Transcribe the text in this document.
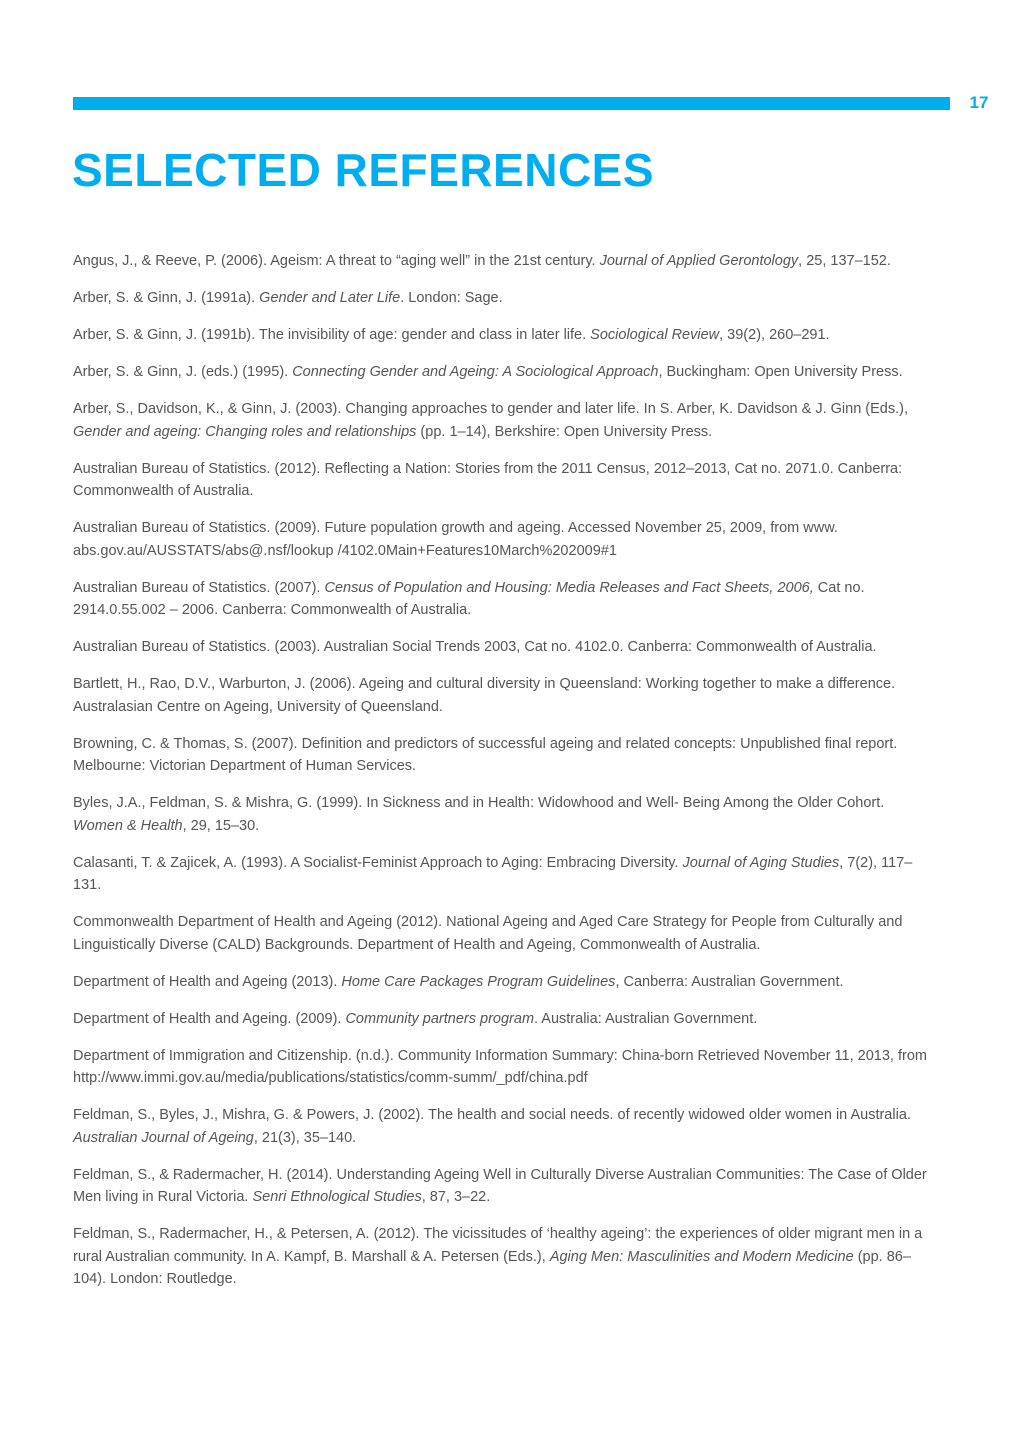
17
SELECTED REFERENCES
Angus, J., & Reeve, P. (2006). Ageism: A threat to “aging well” in the 21st century. Journal of Applied Gerontology, 25, 137–152.
Arber, S. & Ginn, J. (1991a). Gender and Later Life. London: Sage.
Arber, S. & Ginn, J. (1991b). The invisibility of age: gender and class in later life. Sociological Review, 39(2), 260–291.
Arber, S. & Ginn, J. (eds.) (1995). Connecting Gender and Ageing: A Sociological Approach, Buckingham: Open University Press.
Arber, S., Davidson, K., & Ginn, J. (2003). Changing approaches to gender and later life. In S. Arber, K. Davidson & J. Ginn (Eds.), Gender and ageing: Changing roles and relationships (pp. 1–14), Berkshire: Open University Press.
Australian Bureau of Statistics. (2012). Reflecting a Nation: Stories from the 2011 Census, 2012–2013, Cat no. 2071.0. Canberra: Commonwealth of Australia.
Australian Bureau of Statistics. (2009). Future population growth and ageing. Accessed November 25, 2009, from www. abs.gov.au/AUSSTATS/abs@.nsf/lookup /4102.0Main+Features10March%202009#1
Australian Bureau of Statistics. (2007). Census of Population and Housing: Media Releases and Fact Sheets, 2006, Cat no. 2914.0.55.002 – 2006. Canberra: Commonwealth of Australia.
Australian Bureau of Statistics. (2003). Australian Social Trends 2003, Cat no. 4102.0. Canberra: Commonwealth of Australia.
Bartlett, H., Rao, D.V., Warburton, J. (2006). Ageing and cultural diversity in Queensland: Working together to make a difference. Australasian Centre on Ageing, University of Queensland.
Browning, C. & Thomas, S. (2007). Definition and predictors of successful ageing and related concepts: Unpublished final report. Melbourne: Victorian Department of Human Services.
Byles, J.A., Feldman, S. & Mishra, G. (1999). In Sickness and in Health: Widowhood and Well- Being Among the Older Cohort. Women & Health, 29, 15–30.
Calasanti, T. & Zajicek, A. (1993). A Socialist-Feminist Approach to Aging: Embracing Diversity. Journal of Aging Studies, 7(2), 117–131.
Commonwealth Department of Health and Ageing (2012). National Ageing and Aged Care Strategy for People from Culturally and Linguistically Diverse (CALD) Backgrounds. Department of Health and Ageing, Commonwealth of Australia.
Department of Health and Ageing (2013). Home Care Packages Program Guidelines, Canberra: Australian Government.
Department of Health and Ageing. (2009). Community partners program. Australia: Australian Government.
Department of Immigration and Citizenship. (n.d.). Community Information Summary: China-born Retrieved November 11, 2013, from http://www.immi.gov.au/media/publications/statistics/comm-summ/_pdf/china.pdf
Feldman, S., Byles, J., Mishra, G. & Powers, J. (2002). The health and social needs. of recently widowed older women in Australia. Australian Journal of Ageing, 21(3), 35–140.
Feldman, S., & Radermacher, H. (2014). Understanding Ageing Well in Culturally Diverse Australian Communities: The Case of Older Men living in Rural Victoria. Senri Ethnological Studies, 87, 3–22.
Feldman, S., Radermacher, H., & Petersen, A. (2012). The vicissitudes of ‘healthy ageing’: the experiences of older migrant men in a rural Australian community. In A. Kampf, B. Marshall & A. Petersen (Eds.), Aging Men: Masculinities and Modern Medicine (pp. 86–104). London: Routledge.
